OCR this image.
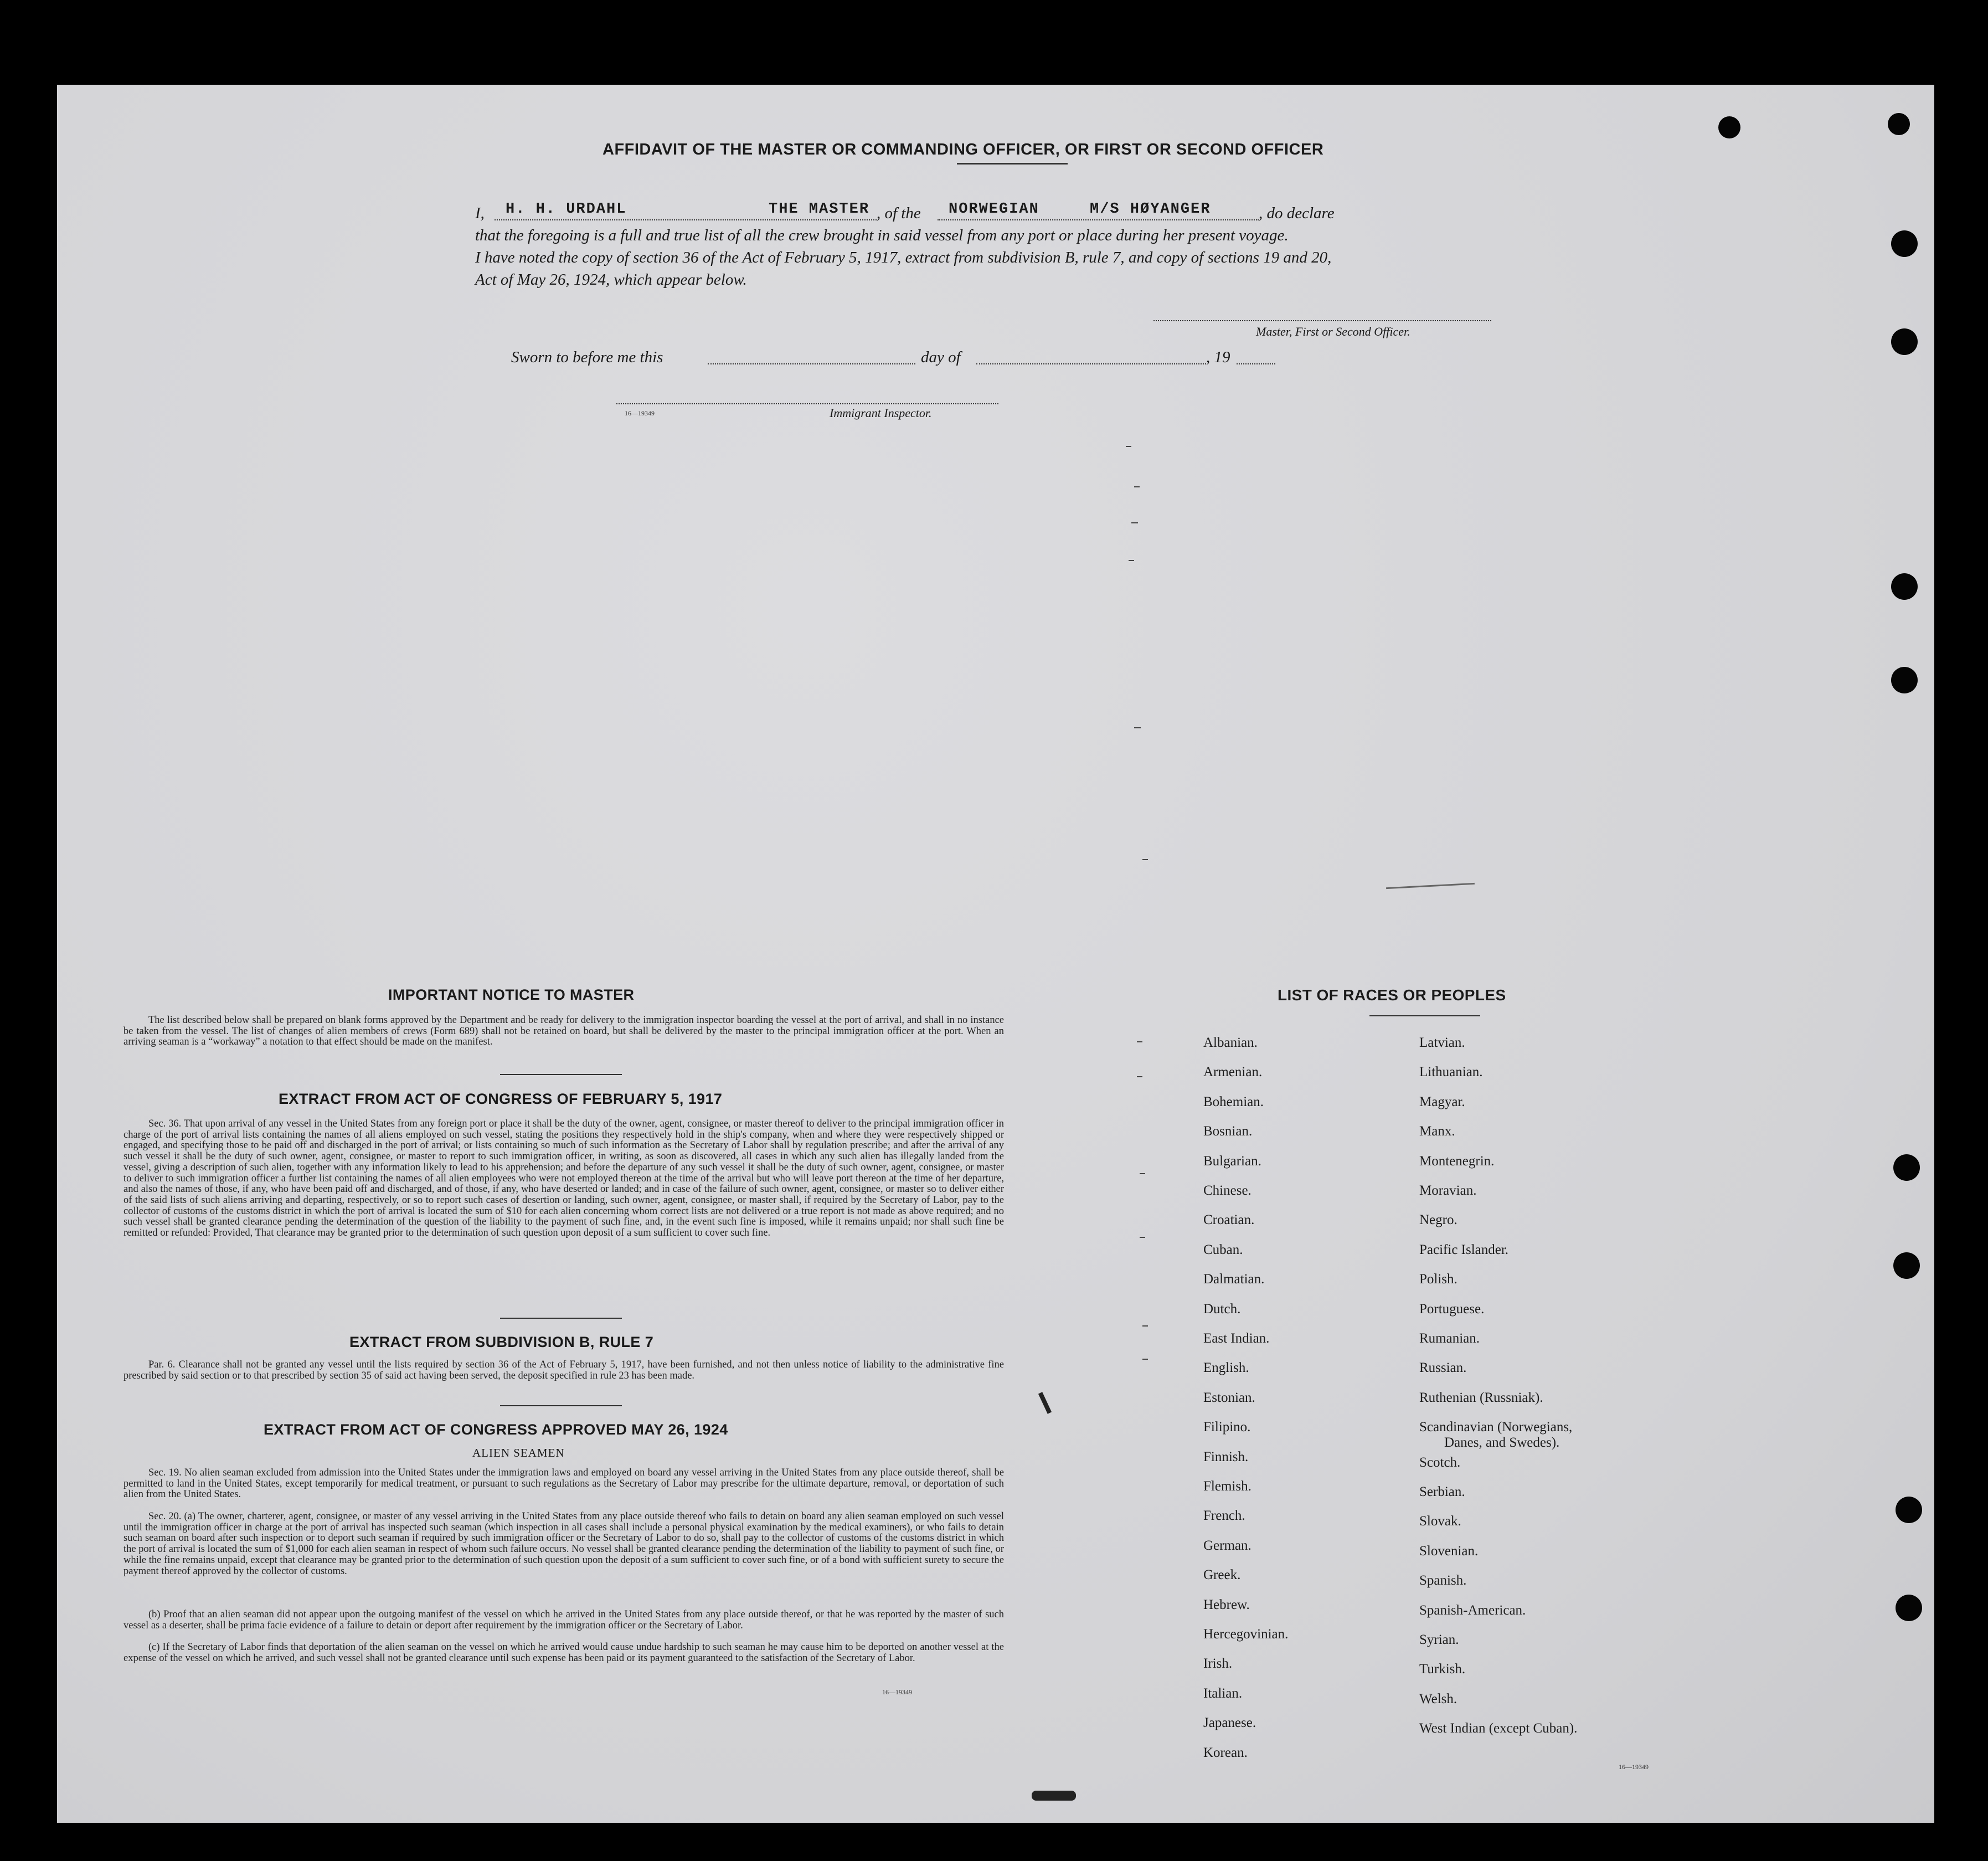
AFFIDAVIT OF THE MASTER OR COMMANDING OFFICER, OR FIRST OR SECOND OFFICER
I, H. H. URDAHL	THE MASTER , of the NORWEGIAN	M/S HØYANGER	, do declare
that the foregoing is a full and true list of all the crew brought in said vessel from any port or place during her present voyage.
I have noted the copy of section 36 of the Act of February 5, 1917, extract from subdivision B, rule 7, and copy of sections 19 and 20,
Act of May 26, 1924, which appear below.
Master, First or Second Officer.
Sworn to before me this	day of	, 19
16—19349	Immigrant Inspector.
IMPORTANT NOTICE TO MASTER
The list described below shall be prepared on blank forms approved by the Department and be ready for delivery to the immigration inspector boarding the vessel at the port of arrival, and shall in no instance be taken from the vessel. The list of changes of alien members of crews (Form 689) shall not be retained on board, but shall be delivered by the master to the principal immigration officer at the port. When an arriving seaman is a “workaway” a notation to that effect should be made on the manifest.
EXTRACT FROM ACT OF CONGRESS OF FEBRUARY 5, 1917
Sec. 36. That upon arrival of any vessel in the United States from any foreign port or place it shall be the duty of the owner, agent, consignee, or master thereof to deliver to the principal immigration officer in charge of the port of arrival lists containing the names of all aliens employed on such vessel, stating the positions they respectively hold in the ship's company, when and where they were respectively shipped or engaged, and specifying those to be paid off and discharged in the port of arrival; or lists containing so much of such information as the Secretary of Labor shall by regulation prescribe; and after the arrival of any such vessel it shall be the duty of such owner, agent, consignee, or master to report to such immigration officer, in writing, as soon as discovered, all cases in which any such alien has illegally landed from the vessel, giving a description of such alien, together with any information likely to lead to his apprehension; and before the departure of any such vessel it shall be the duty of such owner, agent, consignee, or master to deliver to such immigration officer a further list containing the names of all alien employees who were not employed thereon at the time of the arrival but who will leave port thereon at the time of her departure, and also the names of those, if any, who have been paid off and discharged, and of those, if any, who have deserted or landed; and in case of the failure of such owner, agent, consignee, or master so to deliver either of the said lists of such aliens arriving and departing, respectively, or so to report such cases of desertion or landing, such owner, agent, consignee, or master shall, if required by the Secretary of Labor, pay to the collector of customs of the customs district in which the port of arrival is located the sum of $10 for each alien concerning whom correct lists are not delivered or a true report is not made as above required; and no such vessel shall be granted clearance pending the determination of the question of the liability to the payment of such fine, and, in the event such fine is imposed, while it remains unpaid; nor shall such fine be remitted or refunded: Provided, That clearance may be granted prior to the determination of such question upon deposit of a sum sufficient to cover such fine.
EXTRACT FROM SUBDIVISION B, RULE 7
Par. 6. Clearance shall not be granted any vessel until the lists required by section 36 of the Act of February 5, 1917, have been furnished, and not then unless notice of liability to the administrative fine prescribed by said section or to that prescribed by section 35 of said act having been served, the deposit specified in rule 23 has been made.
EXTRACT FROM ACT OF CONGRESS APPROVED MAY 26, 1924
ALIEN SEAMEN
Sec. 19. No alien seaman excluded from admission into the United States under the immigration laws and employed on board any vessel arriving in the United States from any place outside thereof, shall be permitted to land in the United States, except temporarily for medical treatment, or pursuant to such regulations as the Secretary of Labor may prescribe for the ultimate departure, removal, or deportation of such alien from the United States.
Sec. 20. (a) The owner, charterer, agent, consignee, or master of any vessel arriving in the United States from any place outside thereof who fails to detain on board any alien seaman employed on such vessel until the immigration officer in charge at the port of arrival has inspected such seaman (which inspection in all cases shall include a personal physical examination by the medical examiners), or who fails to detain such seaman on board after such inspection or to deport such seaman if required by such immigration officer or the Secretary of Labor to do so, shall pay to the collector of customs of the customs district in which the port of arrival is located the sum of $1,000 for each alien seaman in respect of whom such failure occurs. No vessel shall be granted clearance pending the determination of the liability to payment of such fine, or while the fine remains unpaid, except that clearance may be granted prior to the determination of such question upon the deposit of a sum sufficient to cover such fine, or of a bond with sufficient surety to secure the payment thereof approved by the collector of customs.
(b) Proof that an alien seaman did not appear upon the outgoing manifest of the vessel on which he arrived in the United States from any place outside thereof, or that he was reported by the master of such vessel as a deserter, shall be prima facie evidence of a failure to detain or deport after requirement by the immigration officer or the Secretary of Labor.
(c) If the Secretary of Labor finds that deportation of the alien seaman on the vessel on which he arrived would cause undue hardship to such seaman he may cause him to be deported on another vessel at the expense of the vessel on which he arrived, and such vessel shall not be granted clearance until such expense has been paid or its payment guaranteed to the satisfaction of the Secretary of Labor.
16—19349
LIST OF RACES OR PEOPLES
Albanian.
Armenian.
Bohemian.
Bosnian.
Bulgarian.
Chinese.
Croatian.
Cuban.
Dalmatian.
Dutch.
East Indian.
English.
Estonian.
Filipino.
Finnish.
Flemish.
French.
German.
Greek.
Hebrew.
Hercegovinian.
Irish.
Italian.
Japanese.
Korean.
Latvian.
Lithuanian.
Magyar.
Manx.
Montenegrin.
Moravian.
Negro.
Pacific Islander.
Polish.
Portuguese.
Rumanian.
Russian.
Ruthenian (Russniak).
Scandinavian (Norwegians,
Danes, and Swedes).
Scotch.
Serbian.
Slovak.
Slovenian.
Spanish.
Spanish-American.
Syrian.
Turkish.
Welsh.
West Indian (except Cuban).
16—19349
